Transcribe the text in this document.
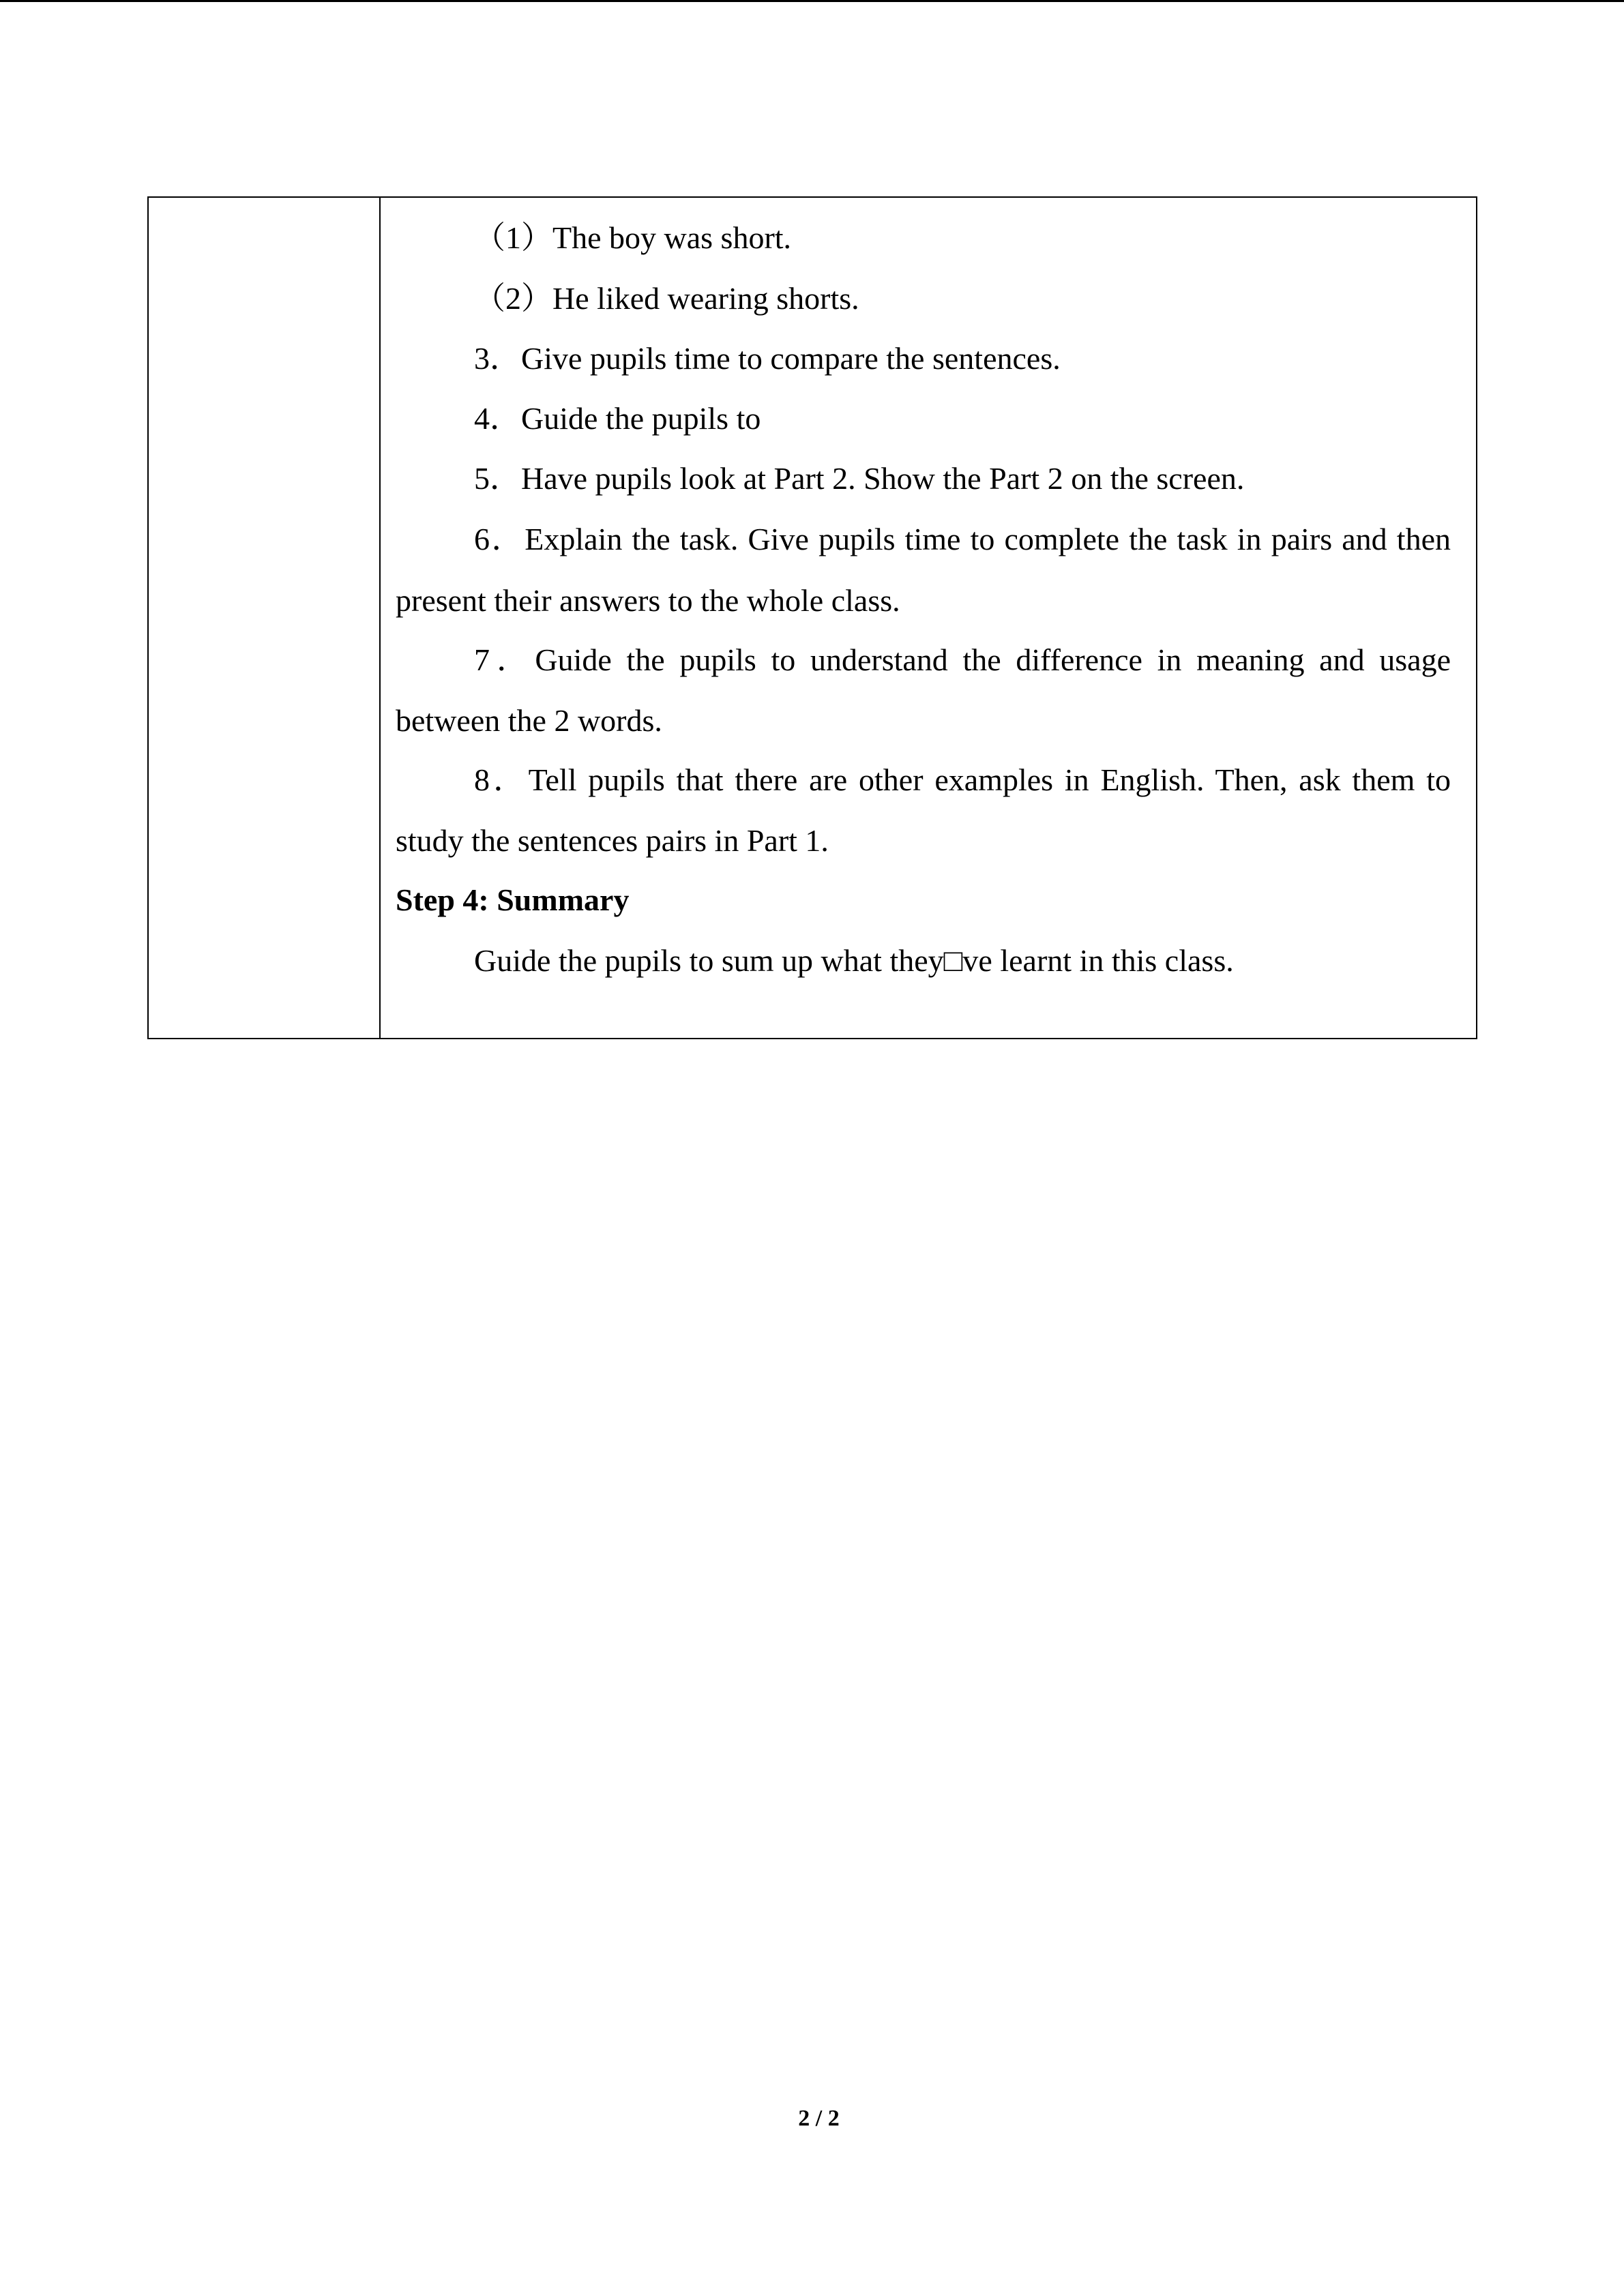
（1）The boy was short.
（2）He liked wearing shorts.
3．Give pupils time to compare the sentences.
4．Guide the pupils to
5．Have pupils look at Part 2. Show the Part 2 on the screen.
6．Explain the task. Give pupils time to complete the task in pairs and then
present their answers to the whole class.
7．Guide the pupils to understand the difference in meaning and usage
between the 2 words.
8．Tell pupils that there are other examples in English. Then, ask them to
study the sentences pairs in Part 1.
Step 4: Summary
Guide the pupils to sum up what they□ve learnt in this class.
2 / 2
